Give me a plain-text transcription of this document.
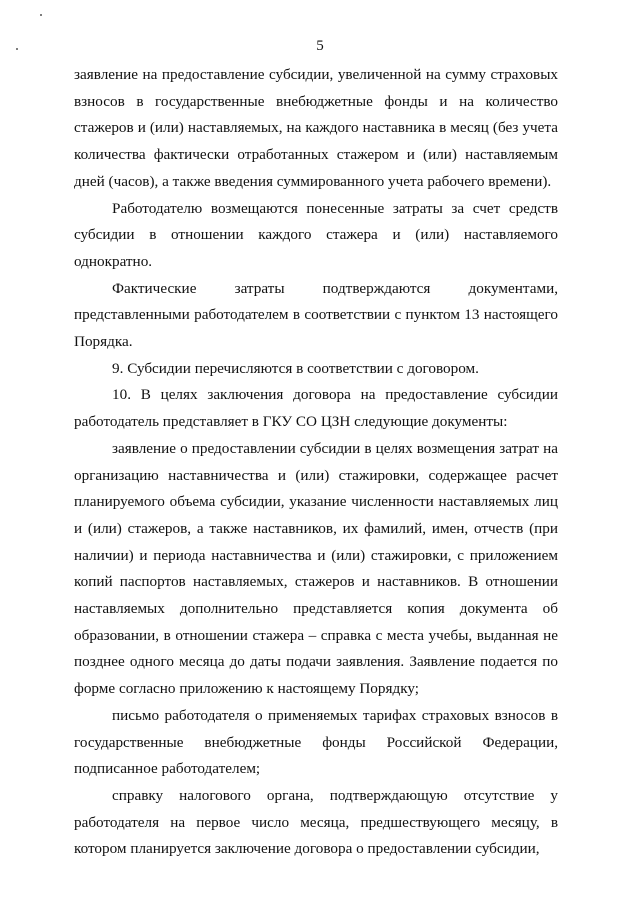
5

заявление на предоставление субсидии, увеличенной на сумму страховых взносов в государственные внебюджетные фонды и на количество стажеров и (или) наставляемых, на каждого наставника в месяц (без учета количества фактически отработанных стажером и (или) наставляемым дней (часов), а также введения суммированного учета рабочего времени).

Работодателю возмещаются понесенные затраты за счет средств субсидии в отношении каждого стажера и (или) наставляемого однократно.

Фактические затраты подтверждаются документами, представленными работодателем в соответствии с пунктом 13 настоящего Порядка.

9. Субсидии перечисляются в соответствии с договором.

10. В целях заключения договора на предоставление субсидии работодатель представляет в ГКУ СО ЦЗН следующие документы:

заявление о предоставлении субсидии в целях возмещения затрат на организацию наставничества и (или) стажировки, содержащее расчет планируемого объема субсидии, указание численности наставляемых лиц и (или) стажеров, а также наставников, их фамилий, имен, отчеств (при наличии) и периода наставничества и (или) стажировки, с приложением копий паспортов наставляемых, стажеров и наставников. В отношении наставляемых дополнительно представляется копия документа об образовании, в отношении стажера – справка с места учебы, выданная не позднее одного месяца до даты подачи заявления. Заявление подается по форме согласно приложению к настоящему Порядку;

письмо работодателя о применяемых тарифах страховых взносов в государственные внебюджетные фонды Российской Федерации, подписанное работодателем;

справку налогового органа, подтверждающую отсутствие у работодателя на первое число месяца, предшествующего месяцу, в котором планируется заключение договора о предоставлении субсидии,
